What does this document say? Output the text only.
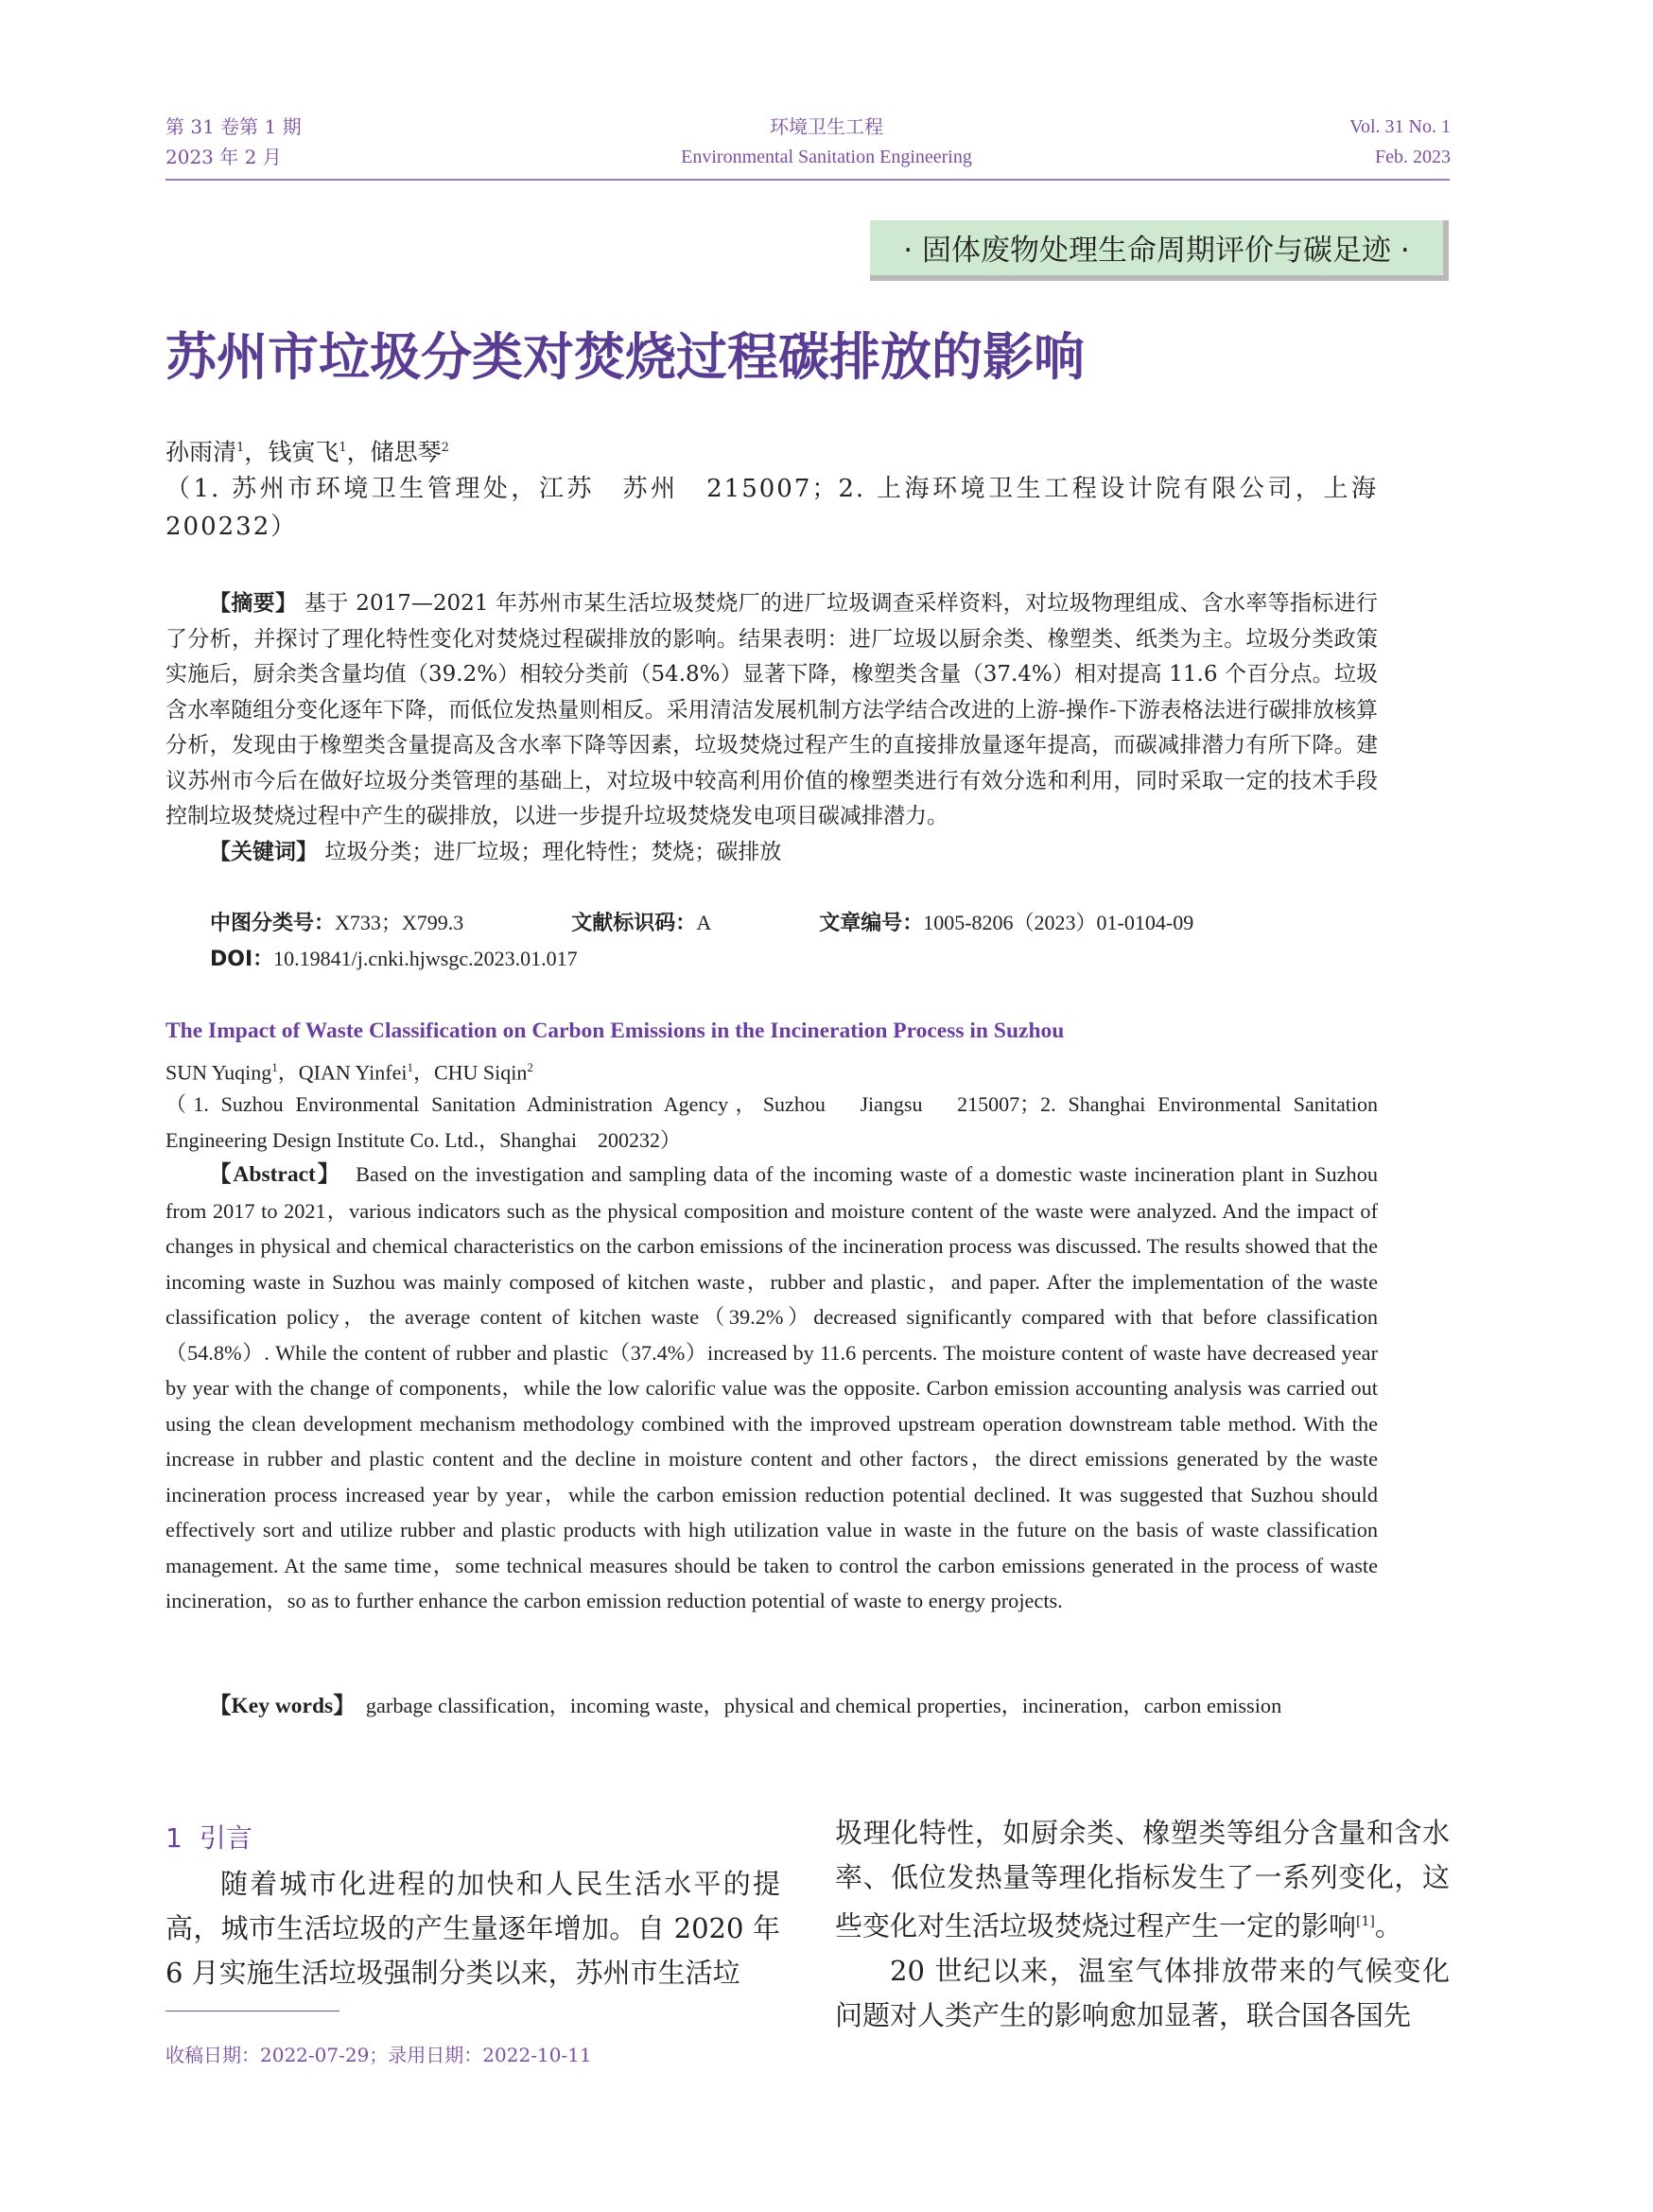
第 31 卷第 1 期
2023 年 2 月
环境卫生工程
Environmental Sanitation Engineering
Vol. 31 No. 1
Feb. 2023
· 固体废物处理生命周期评价与碳足迹 ·
苏州市垃圾分类对焚烧过程碳排放的影响
孙雨清$^1$，钱寅飞$^1$，储思琴$^2$
（1. 苏州市环境卫生管理处，江苏　苏州　215007；2. 上海环境卫生工程设计院有限公司，上海 200232）

【摘要】 基于 2017—2021 年苏州市某生活垃圾焚烧厂的进厂垃圾调查采样资料，对垃圾物理组成、含水率等指标进行了分析，并探讨了理化特性变化对焚烧过程碳排放的影响。结果表明：进厂垃圾以厨余类、橡塑类、纸类为主。垃圾分类政策实施后，厨余类含量均值（39.2%）相较分类前（54.8%）显著下降，橡塑类含量（37.4%）相对提高 11.6 个百分点。垃圾含水率随组分变化逐年下降，而低位发热量则相反。采用清洁发展机制方法学结合改进的上游-操作-下游表格法进行碳排放核算分析，发现由于橡塑类含量提高及含水率下降等因素，垃圾焚烧过程产生的直接排放量逐年提高，而碳减排潜力有所下降。建议苏州市今后在做好垃圾分类管理的基础上，对垃圾中较高利用价值的橡塑类进行有效分选和利用，同时采取一定的技术手段控制垃圾焚烧过程中产生的碳排放，以进一步提升垃圾焚烧发电项目碳减排潜力。

【关键词】 垃圾分类；进厂垃圾；理化特性；焚烧；碳排放

中图分类号：X733；X799.3	文献标识码：A	文章编号：1005-8206（2023）01-0104-09
DOI：10.19841/j.cnki.hjwsgc.2023.01.017
The Impact of Waste Classification on Carbon Emissions in the Incineration Process in Suzhou
SUN Yuqing$^1$，QIAN Yinfei$^1$，CHU Siqin$^2$
（1. Suzhou Environmental Sanitation Administration Agency，Suzhou　Jiangsu　215007；2. Shanghai Environmental Sanitation Engineering Design Institute Co. Ltd.，Shanghai　200232）

【Abstract】 Based on the investigation and sampling data of the incoming waste of a domestic waste incineration plant in Suzhou from 2017 to 2021，various indicators such as the physical composition and moisture content of the waste were analyzed. And the impact of changes in physical and chemical characteristics on the carbon emissions of the incineration process was discussed. The results showed that the incoming waste in Suzhou was mainly composed of kitchen waste，rubber and plastic，and paper. After the implementation of the waste classification policy，the average content of kitchen waste（39.2%）decreased significantly compared with that before classification（54.8%）. While the content of rubber and plastic（37.4%）increased by 11.6 percents. The moisture content of waste have decreased year by year with the change of components，while the low calorific value was the opposite. Carbon emission accounting analysis was carried out using the clean development mechanism methodology combined with the improved upstream operation downstream table method. With the increase in rubber and plastic content and the decline in moisture content and other factors，the direct emissions generated by the waste incineration process increased year by year，while the carbon emission reduction potential declined. It was suggested that Suzhou should effectively sort and utilize rubber and plastic products with high utilization value in waste in the future on the basis of waste classification management. At the same time，some technical measures should be taken to control the carbon emissions generated in the process of waste incineration，so as to further enhance the carbon emission reduction potential of waste to energy projects.

【Key words】 garbage classification，incoming waste，physical and chemical properties，incineration，carbon emission
1 引言

随着城市化进程的加快和人民生活水平的提高，城市生活垃圾的产生量逐年增加。自 2020 年 6 月实施生活垃圾强制分类以来，苏州市生活垃

圾理化特性，如厨余类、橡塑类等组分含量和含水率、低位发热量等理化指标发生了一系列变化，这些变化对生活垃圾焚烧过程产生一定的影响[1]。

20 世纪以来，温室气体排放带来的气候变化问题对人类产生的影响愈加显著，联合国各国先

收稿日期：2022-07-29；录用日期：2022-10-11
